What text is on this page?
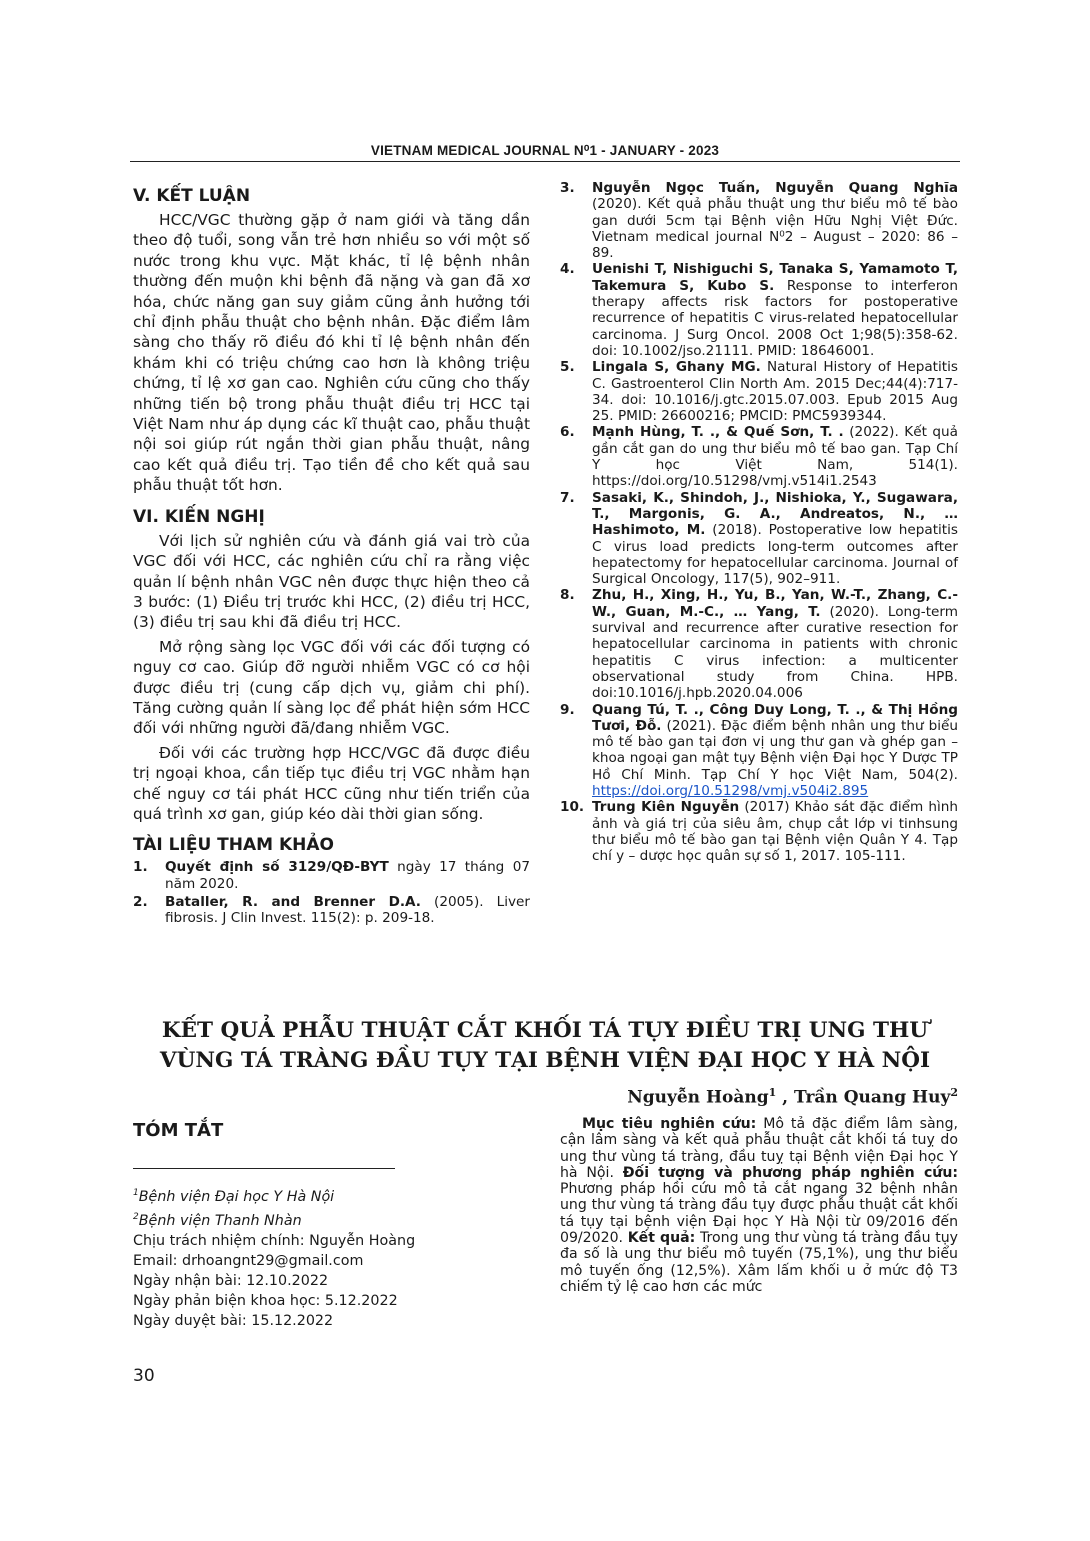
VIETNAM MEDICAL JOURNAL N⁰1 - JANUARY - 2023
V. KẾT LUẬN

HCC/VGC thường gặp ở nam giới và tăng dần theo độ tuổi, song vẫn trẻ hơn nhiều so với một số nước trong khu vực. Mặt khác, tỉ lệ bệnh nhân thường đến muộn khi bệnh đã nặng và gan đã xơ hóa, chức năng gan suy giảm cũng ảnh hưởng tới chỉ định phẫu thuật cho bệnh nhân. Đặc điểm lâm sàng cho thấy rõ điều đó khi tỉ lệ bệnh nhân đến khám khi có triệu chứng cao hơn là không triệu chứng, tỉ lệ xơ gan cao. Nghiên cứu cũng cho thấy những tiến bộ trong phẫu thuật điều trị HCC tại Việt Nam như áp dụng các kĩ thuật cao, phẫu thuật nội soi giúp rút ngắn thời gian phẫu thuật, nâng cao kết quả điều trị. Tạo tiền đề cho kết quả sau phẫu thuật tốt hơn.

VI. KIẾN NGHỊ

Với lịch sử nghiên cứu và đánh giá vai trò của VGC đối với HCC, các nghiên cứu chỉ ra rằng việc quản lí bệnh nhân VGC nên được thực hiện theo cả 3 bước: (1) Điều trị trước khi HCC, (2) điều trị HCC, (3) điều trị sau khi đã điều trị HCC.

Mở rộng sàng lọc VGC đối với các đối tượng có nguy cơ cao. Giúp đỡ người nhiễm VGC có cơ hội được điều trị (cung cấp dịch vụ, giảm chi phí). Tăng cường quản lí sàng lọc để phát hiện sớm HCC đối với những người đã/đang nhiễm VGC.

Đối với các trường hợp HCC/VGC đã được điều trị ngoại khoa, cần tiếp tục điều trị VGC nhằm hạn chế nguy cơ tái phát HCC cũng như tiến triển của quá trình xơ gan, giúp kéo dài thời gian sống.

TÀI LIỆU THAM KHẢO
1.	Quyết định số 3129/QĐ-BYT ngày 17 tháng 07 năm 2020.
2.	Bataller, R. and Brenner D.A. (2005). Liver fibrosis. J Clin Invest. 115(2): p. 209-18.
3.	Nguyễn Ngọc Tuấn, Nguyễn Quang Nghĩa (2020). Kết quả phẫu thuật ung thư biểu mô tế bào gan dưới 5cm tại Bệnh viện Hữu Nghị Việt Đức. Vietnam medical journal N⁰2 – August – 2020: 86 – 89.
4.	Uenishi T, Nishiguchi S, Tanaka S, Yamamoto T, Takemura S, Kubo S. Response to interferon therapy affects risk factors for postoperative recurrence of hepatitis C virus-related hepatocellular carcinoma. J Surg Oncol. 2008 Oct 1;98(5):358-62. doi: 10.1002/jso.21111. PMID: 18646001.
5.	Lingala S, Ghany MG. Natural History of Hepatitis C. Gastroenterol Clin North Am. 2015 Dec;44(4):717-34. doi: 10.1016/j.gtc.2015.07.003. Epub 2015 Aug 25. PMID: 26600216; PMCID: PMC5939344.
6.	Mạnh Hùng, T. ., & Quế Sơn, T. . (2022). Kết quả gần cắt gan do ung thư biểu mô tế bao gan. Tạp Chí Y học Việt Nam, 514(1). https://doi.org/10.51298/vmj.v514i1.2543
7.	Sasaki, K., Shindoh, J., Nishioka, Y., Sugawara, T., Margonis, G. A., Andreatos, N., … Hashimoto, M. (2018). Postoperative low hepatitis C virus load predicts long-term outcomes after hepatectomy for hepatocellular carcinoma. Journal of Surgical Oncology, 117(5), 902–911.
8.	Zhu, H., Xing, H., Yu, B., Yan, W.-T., Zhang, C.-W., Guan, M.-C., … Yang, T. (2020). Long-term survival and recurrence after curative resection for hepatocellular carcinoma in patients with chronic hepatitis C virus infection: a multicenter observational study from China. HPB. doi:10.1016/j.hpb.2020.04.006
9.	Quang Tú, T. ., Công Duy Long, T. ., & Thị Hồng Tươi, Đỗ. (2021). Đặc điểm bệnh nhân ung thư biểu mô tế bào gan tại đơn vị ung thư gan và ghép gan – khoa ngoại gan mật tụy Bệnh viện Đại học Y Dược TP Hồ Chí Minh. Tạp Chí Y học Việt Nam, 504(2). https://doi.org/10.51298/vmj.v504i2.895
10. Trung Kiên Nguyễn (2017) Khảo sát đặc điểm hình ảnh và giá trị của siêu âm, chụp cắt lớp vi tinhsung thư biểu mô tế bào gan tại Bệnh viện Quân Y 4. Tạp chí y – dược học quân sự số 1, 2017. 105-111.
KẾT QUẢ PHẪU THUẬT CẮT KHỐI TÁ TỤY ĐIỀU TRỊ UNG THƯ
VÙNG TÁ TRÀNG ĐẦU TỤY TẠI BỆNH VIỆN ĐẠI HỌC Y HÀ NỘI
Nguyễn Hoàng$^1$ , Trần Quang Huy$^2$
TÓM TẮT
$^1$Bệnh viện Đại học Y Hà Nội
$^2$Bệnh viện Thanh Nhàn
Chịu trách nhiệm chính: Nguyễn Hoàng
Email: drhoangnt29@gmail.com
Ngày nhận bài: 12.10.2022
Ngày phản biện khoa học: 5.12.2022
Ngày duyệt bài: 15.12.2022
Mục tiêu nghiên cứu: Mô tả đặc điểm lâm sàng, cận lâm sàng và kết quả phẫu thuật cắt khối tá tuỵ do ung thư vùng tá tràng, đầu tuỵ tại Bệnh viện Đại học Y hà Nội. Đối tượng và phương pháp nghiên cứu: Phương pháp hồi cứu mô tả cắt ngang 32 bệnh nhân ung thư vùng tá tràng đầu tụy được phẫu thuật cắt khối tá tụy tại bệnh viện Đại học Y Hà Nội từ 09/2016 đến 09/2020. Kết quả: Trong ung thư vùng tá tràng đầu tụy đa số là ung thư biểu mô tuyến (75,1%), ung thư biểu mô tuyến ống (12,5%). Xâm lấm khối u ở mức độ T3 chiếm tỷ lệ cao hơn các mức
30
